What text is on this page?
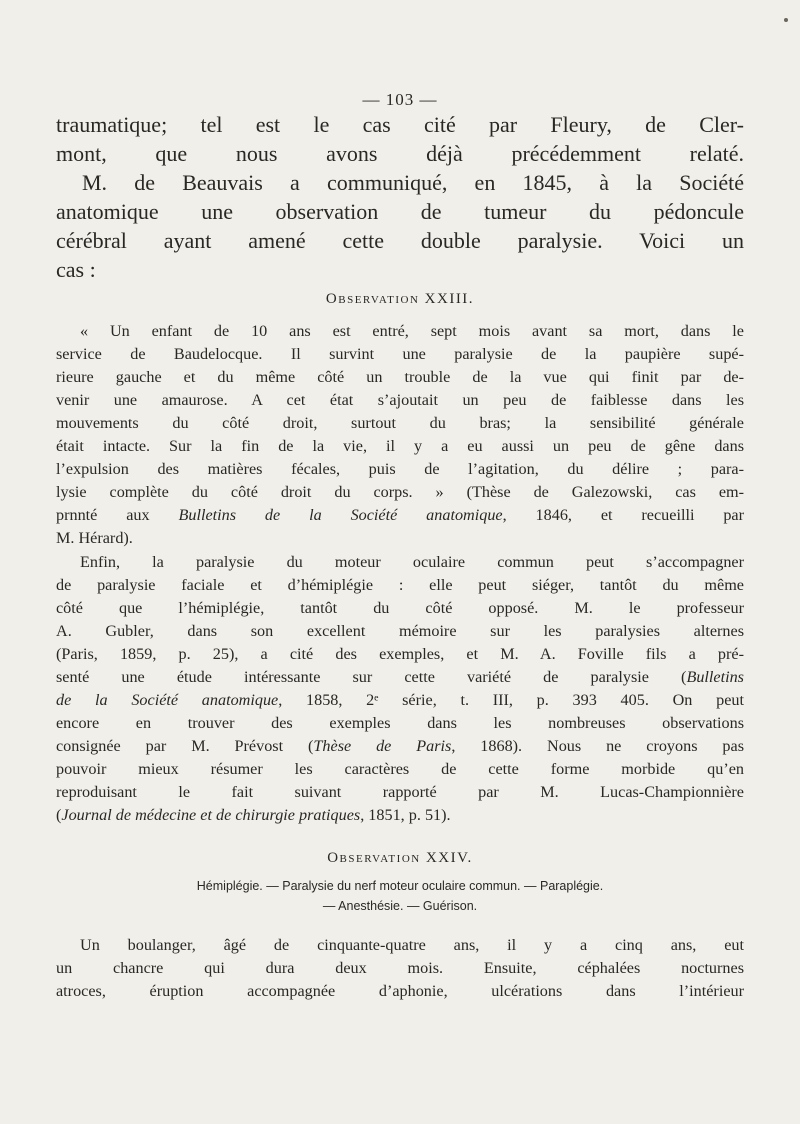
— 103 —

traumatique; tel est le cas cité par Fleury, de Cler-

mont, que nous avons déjà précédemment relaté.

M. de Beauvais a communiqué, en 1845, à la Société

anatomique une observation de tumeur du pédoncule

cérébral ayant amené cette double paralysie. Voici un

cas :

Observation XXIII.

« Un enfant de 10 ans est entré, sept mois avant sa mort, dans le

service de Baudelocque. Il survint une paralysie de la paupière supé-

rieure gauche et du même côté un trouble de la vue qui finit par de-

venir une amaurose. A cet état s’ajoutait un peu de faiblesse dans les

mouvements du côté droit, surtout du bras; la sensibilité générale

était intacte. Sur la fin de la vie, il y a eu aussi un peu de gêne dans

l’expulsion des matières fécales, puis de l’agitation, du délire ; para-

lysie complète du côté droit du corps. » (Thèse de Galezowski, cas em-

prnnté aux Bulletins de la Société anatomique, 1846, et recueilli par

M. Hérard).

Enfin, la paralysie du moteur oculaire commun peut s’accompagner

de paralysie faciale et d’hémiplégie : elle peut siéger, tantôt du même

côté que l’hémiplégie, tantôt du côté opposé. M. le professeur

A. Gubler, dans son excellent mémoire sur les paralysies alternes

(Paris, 1859, p. 25), a cité des exemples, et M. A. Foville fils a pré-

senté une étude intéressante sur cette variété de paralysie (Bulletins

de la Société anatomique, 1858, 2ᵉ série, t. III, p. 393 405. On peut

encore en trouver des exemples dans les nombreuses observations

consignée par M. Prévost (Thèse de Paris, 1868). Nous ne croyons pas

pouvoir mieux résumer les caractères de cette forme morbide qu’en

reproduisant le fait suivant rapporté par M. Lucas-Championnière

(Journal de médecine et de chirurgie pratiques, 1851, p. 51).

Observation XXIV.
Hémiplégie. — Paralysie du nerf moteur oculaire commun. — Paraplégie.
— Anesthésie. — Guérison.

Un boulanger, âgé de cinquante-quatre ans, il y a cinq ans, eut

un chancre qui dura deux mois. Ensuite, céphalées nocturnes

atroces, éruption accompagnée d’aphonie, ulcérations dans l’intérieur
